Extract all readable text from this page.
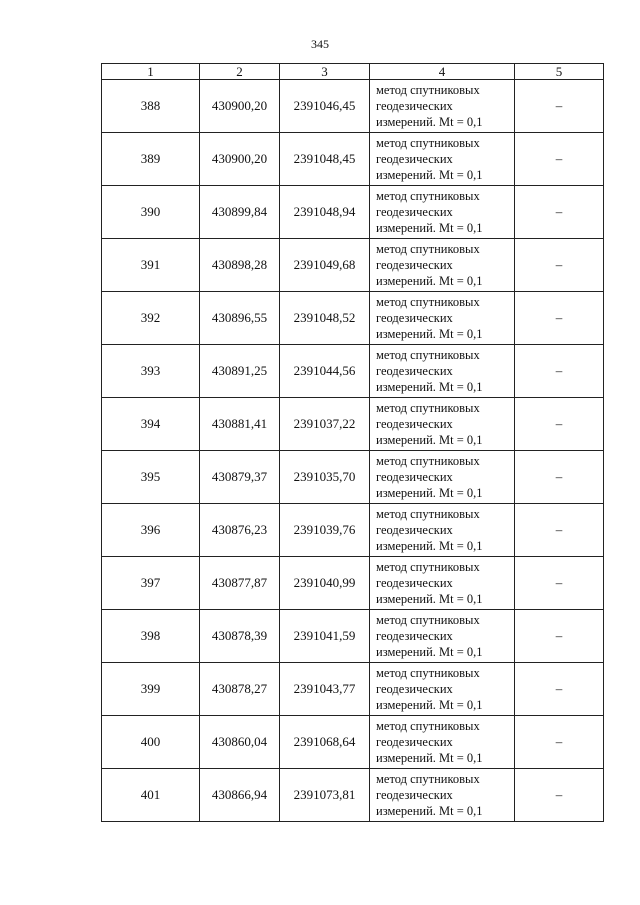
345
1	2	3	4	5
388	430900,20	2391046,45	метод спутниковых
геодезических
измерений. Mt = 0,1	–
389	430900,20	2391048,45	метод спутниковых
геодезических
измерений. Mt = 0,1	–
390	430899,84	2391048,94	метод спутниковых
геодезических
измерений. Mt = 0,1	–
391	430898,28	2391049,68	метод спутниковых
геодезических
измерений. Mt = 0,1	–
392	430896,55	2391048,52	метод спутниковых
геодезических
измерений. Mt = 0,1	–
393	430891,25	2391044,56	метод спутниковых
геодезических
измерений. Mt = 0,1	–
394	430881,41	2391037,22	метод спутниковых
геодезических
измерений. Mt = 0,1	–
395	430879,37	2391035,70	метод спутниковых
геодезических
измерений. Mt = 0,1	–
396	430876,23	2391039,76	метод спутниковых
геодезических
измерений. Mt = 0,1	–
397	430877,87	2391040,99	метод спутниковых
геодезических
измерений. Mt = 0,1	–
398	430878,39	2391041,59	метод спутниковых
геодезических
измерений. Mt = 0,1	–
399	430878,27	2391043,77	метод спутниковых
геодезических
измерений. Mt = 0,1	–
400	430860,04	2391068,64	метод спутниковых
геодезических
измерений. Mt = 0,1	–
401	430866,94	2391073,81	метод спутниковых
геодезических
измерений. Mt = 0,1	–
